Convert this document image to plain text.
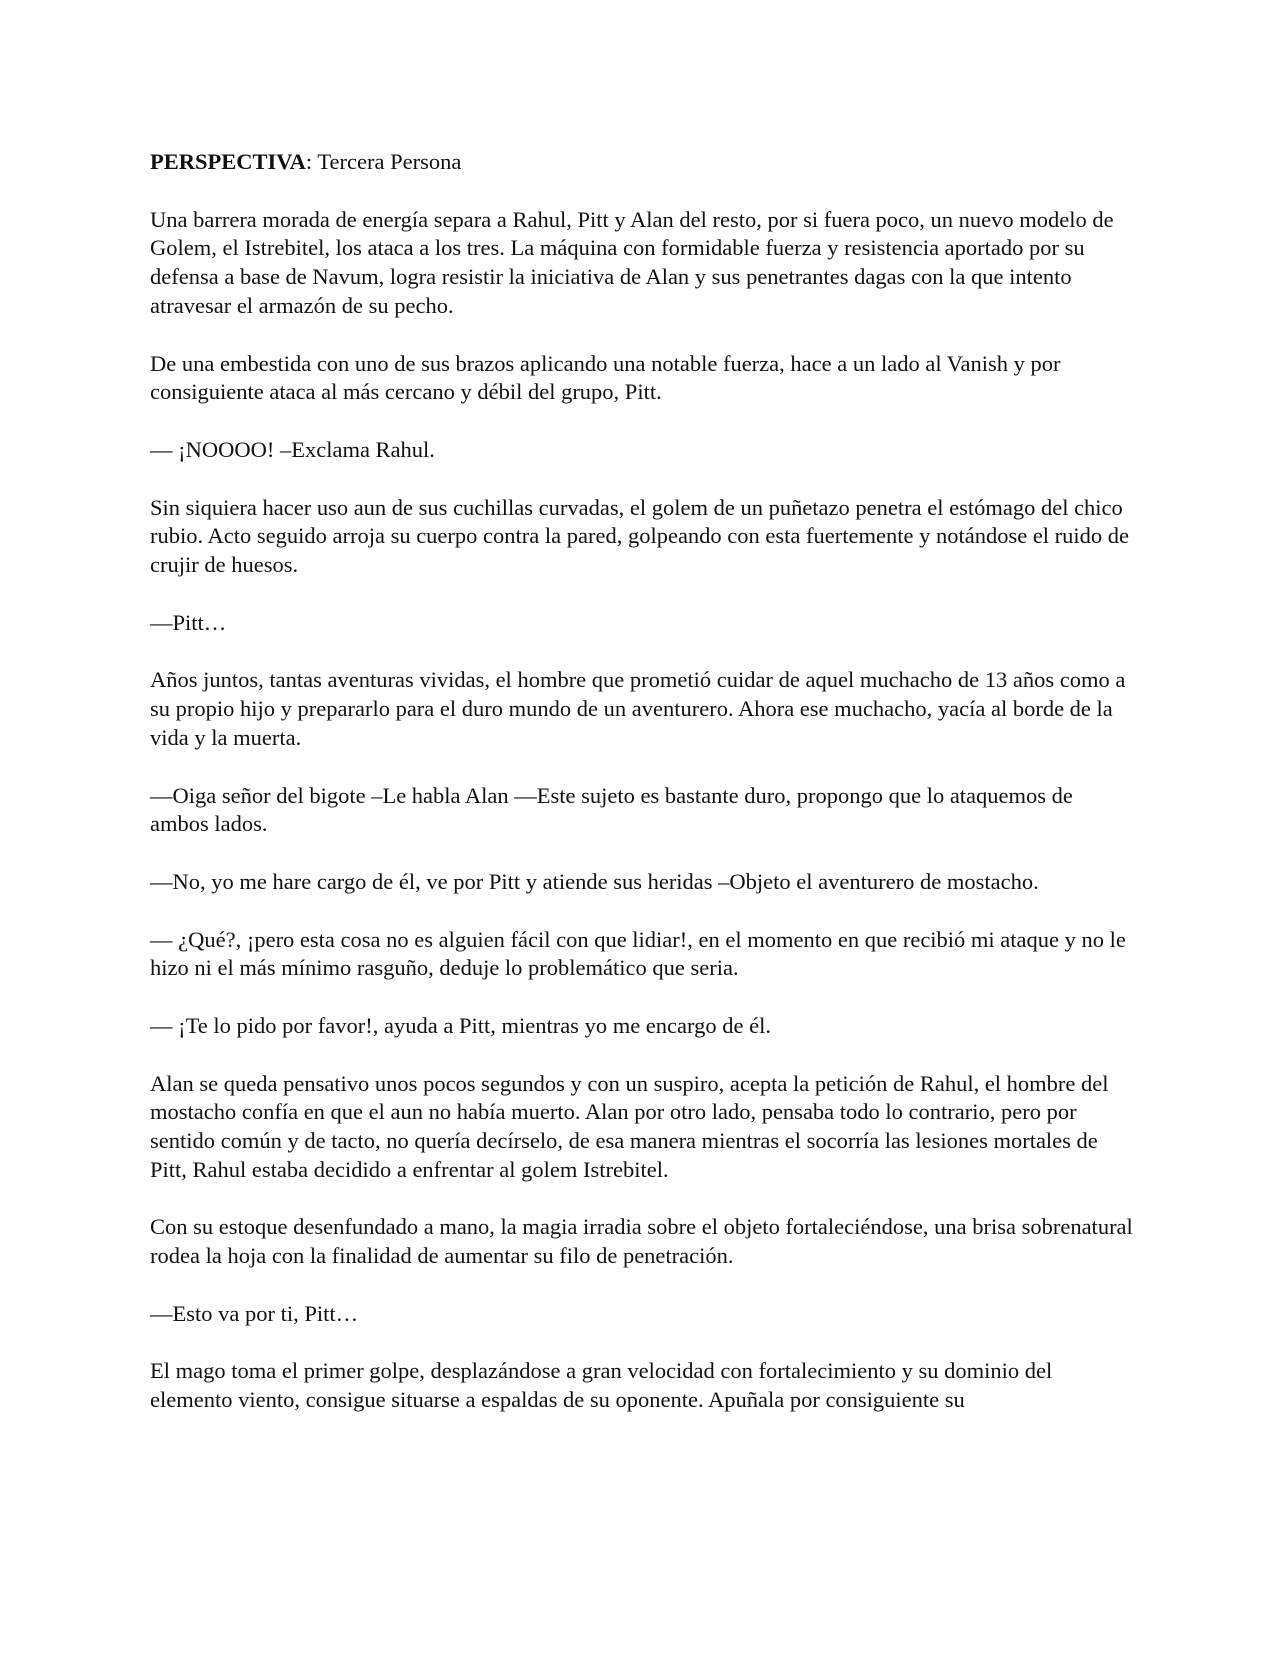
PERSPECTIVA: Tercera Persona

Una barrera morada de energía separa a Rahul, Pitt y Alan del resto, por si fuera poco, un nuevo modelo de Golem, el Istrebitel, los ataca a los tres. La máquina con formidable fuerza y resistencia aportado por su defensa a base de Navum, logra resistir la iniciativa de Alan y sus penetrantes dagas con la que intento atravesar el armazón de su pecho.

De una embestida con uno de sus brazos aplicando una notable fuerza, hace a un lado al Vanish y por consiguiente ataca al más cercano y débil del grupo, Pitt.

— ¡NOOOO! –Exclama Rahul.

Sin siquiera hacer uso aun de sus cuchillas curvadas, el golem de un puñetazo penetra el estómago del chico rubio. Acto seguido arroja su cuerpo contra la pared, golpeando con esta fuertemente y notándose el ruido de crujir de huesos.

—Pitt…

Años juntos, tantas aventuras vividas, el hombre que prometió cuidar de aquel muchacho de 13 años como a su propio hijo y prepararlo para el duro mundo de un aventurero. Ahora ese muchacho, yacía al borde de la vida y la muerta.

—Oiga señor del bigote –Le habla Alan —Este sujeto es bastante duro, propongo que lo ataquemos de ambos lados.

—No, yo me hare cargo de él, ve por Pitt y atiende sus heridas –Objeto el aventurero de mostacho.

— ¿Qué?, ¡pero esta cosa no es alguien fácil con que lidiar!, en el momento en que recibió mi ataque y no le hizo ni el más mínimo rasguño, deduje lo problemático que seria.

— ¡Te lo pido por favor!, ayuda a Pitt, mientras yo me encargo de él.

Alan se queda pensativo unos pocos segundos y con un suspiro, acepta la petición de Rahul, el hombre del mostacho confía en que el aun no había muerto. Alan por otro lado, pensaba todo lo contrario, pero por sentido común y de tacto, no quería decírselo, de esa manera mientras el socorría las lesiones mortales de Pitt, Rahul estaba decidido a enfrentar al golem Istrebitel.

Con su estoque desenfundado a mano, la magia irradia sobre el objeto fortaleciéndose, una brisa sobrenatural rodea la hoja con la finalidad de aumentar su filo de penetración.

—Esto va por ti, Pitt…

El mago toma el primer golpe, desplazándose a gran velocidad con fortalecimiento y su dominio del elemento viento, consigue situarse a espaldas de su oponente. Apuñala por consiguiente su
